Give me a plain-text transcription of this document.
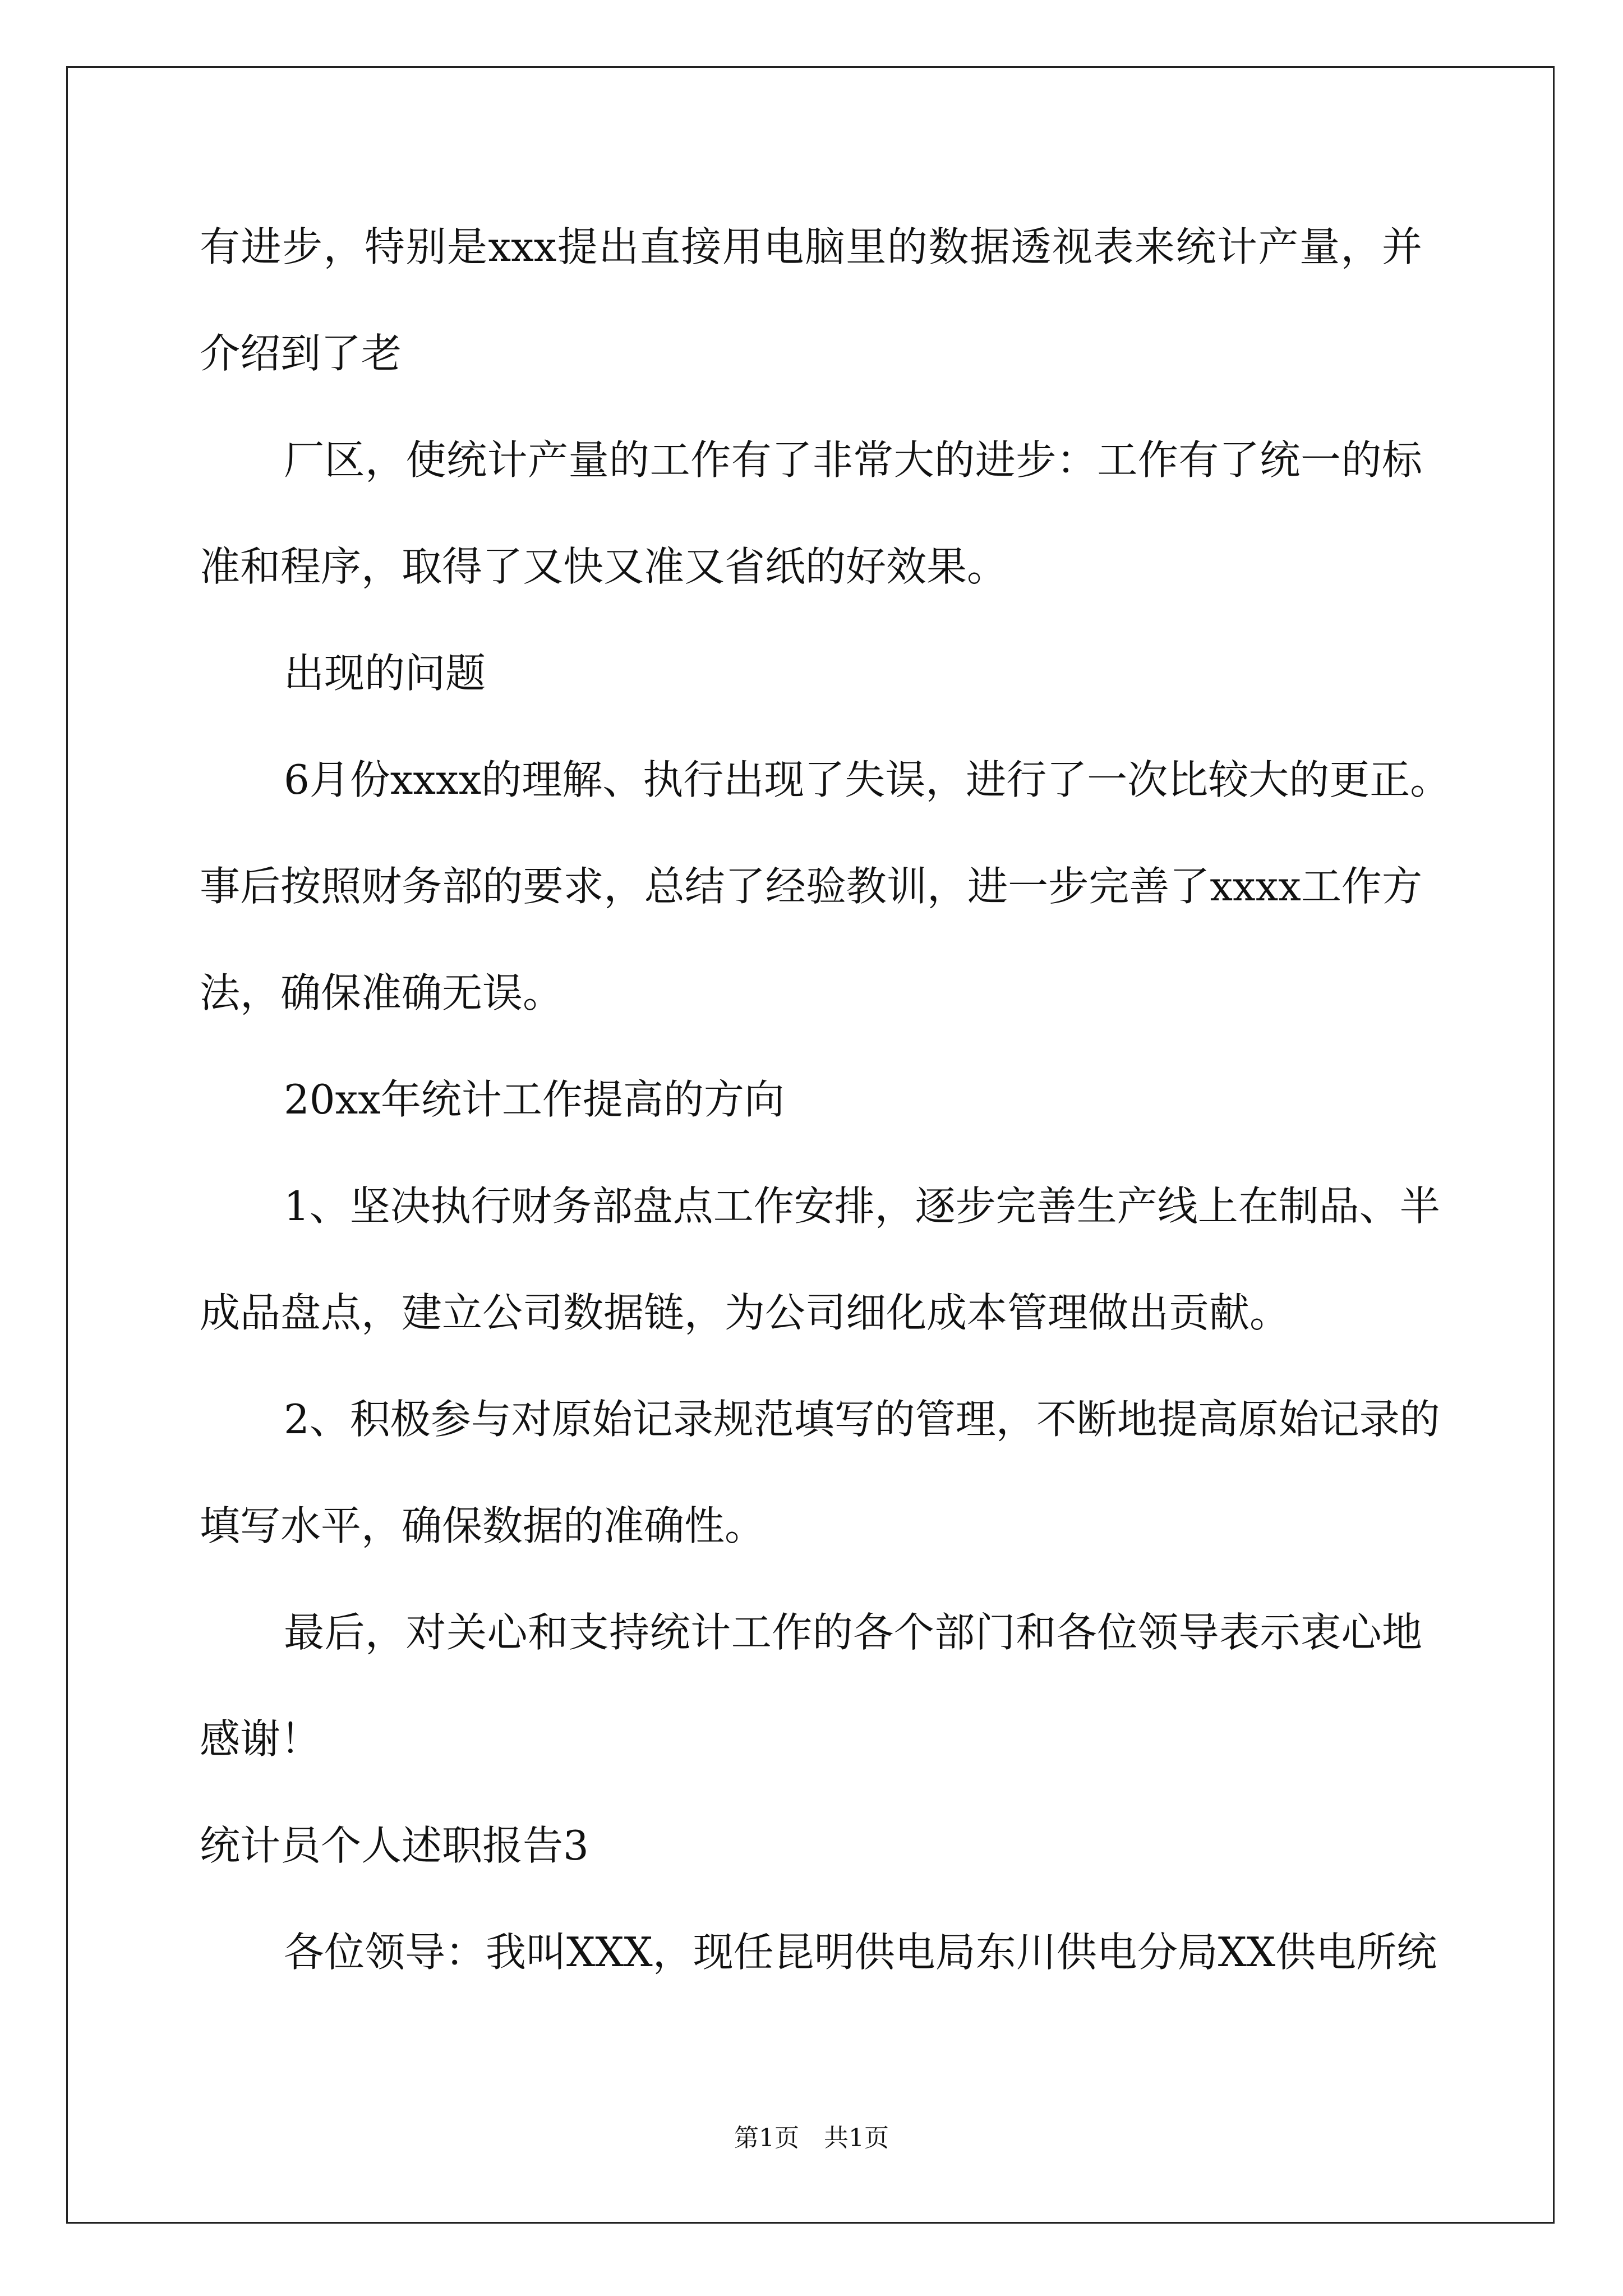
有进步，特别是xxx提出直接用电脑里的数据透视表来统计产量，并
介绍到了老
厂区，使统计产量的工作有了非常大的进步：工作有了统一的标
准和程序，取得了又快又准又省纸的好效果。
出现的问题
6月份xxxx的理解、执行出现了失误，进行了一次比较大的更正。
事后按照财务部的要求，总结了经验教训，进一步完善了xxxx工作方
法，确保准确无误。
20xx年统计工作提高的方向
1、坚决执行财务部盘点工作安排，逐步完善生产线上在制品、半
成品盘点，建立公司数据链，为公司细化成本管理做出贡献。
2、积极参与对原始记录规范填写的管理，不断地提高原始记录的
填写水平，确保数据的准确性。
最后，对关心和支持统计工作的各个部门和各位领导表示衷心地
感谢！
统计员个人述职报告3
各位领导：我叫XXX，现任昆明供电局东川供电分局XX供电所统
第1页　共1页
